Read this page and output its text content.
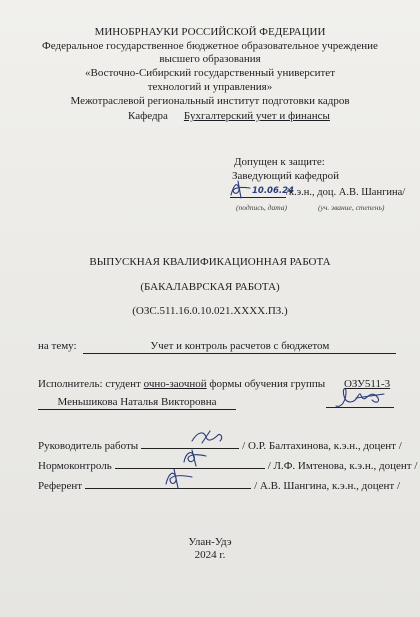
МИНОБРНАУКИ РОССИЙСКОЙ ФЕДЕРАЦИИ
Федеральное государственное бюджетное образовательное учреждение
высшего образования
«Восточно-Сибирский государственный университет
технологий и управления»
Межотраслевой региональный институт подготовки кадров
Кафедра Бухгалтерский учет и финансы
Допущен к защите:
Заведующий кафедрой
10.06.24
/к.э.н., доц. А.В. Шангина/
(подпись, дата)	(уч. звание, степень)
ВЫПУСКНАЯ КВАЛИФИКАЦИОННАЯ РАБОТА
(БАКАЛАВРСКАЯ РАБОТА)
(ОЗС.511.16.0.10.021.ХХХХ.ПЗ.)
на тему:	Учет и контроль расчетов с бюджетом
Исполнитель: студент очно-заочной формы обучения группы ОЗУ511-3
Меньшикова Наталья Викторовна
Руководитель работы	/ О.Р. Балтахинова, к.э.н., доцент /
Нормоконтроль	/ Л.Ф. Имтенова, к.э.н., доцент /
Референт	/ А.В. Шангина, к.э.н., доцент /
Улан-Удэ
2024 г.
